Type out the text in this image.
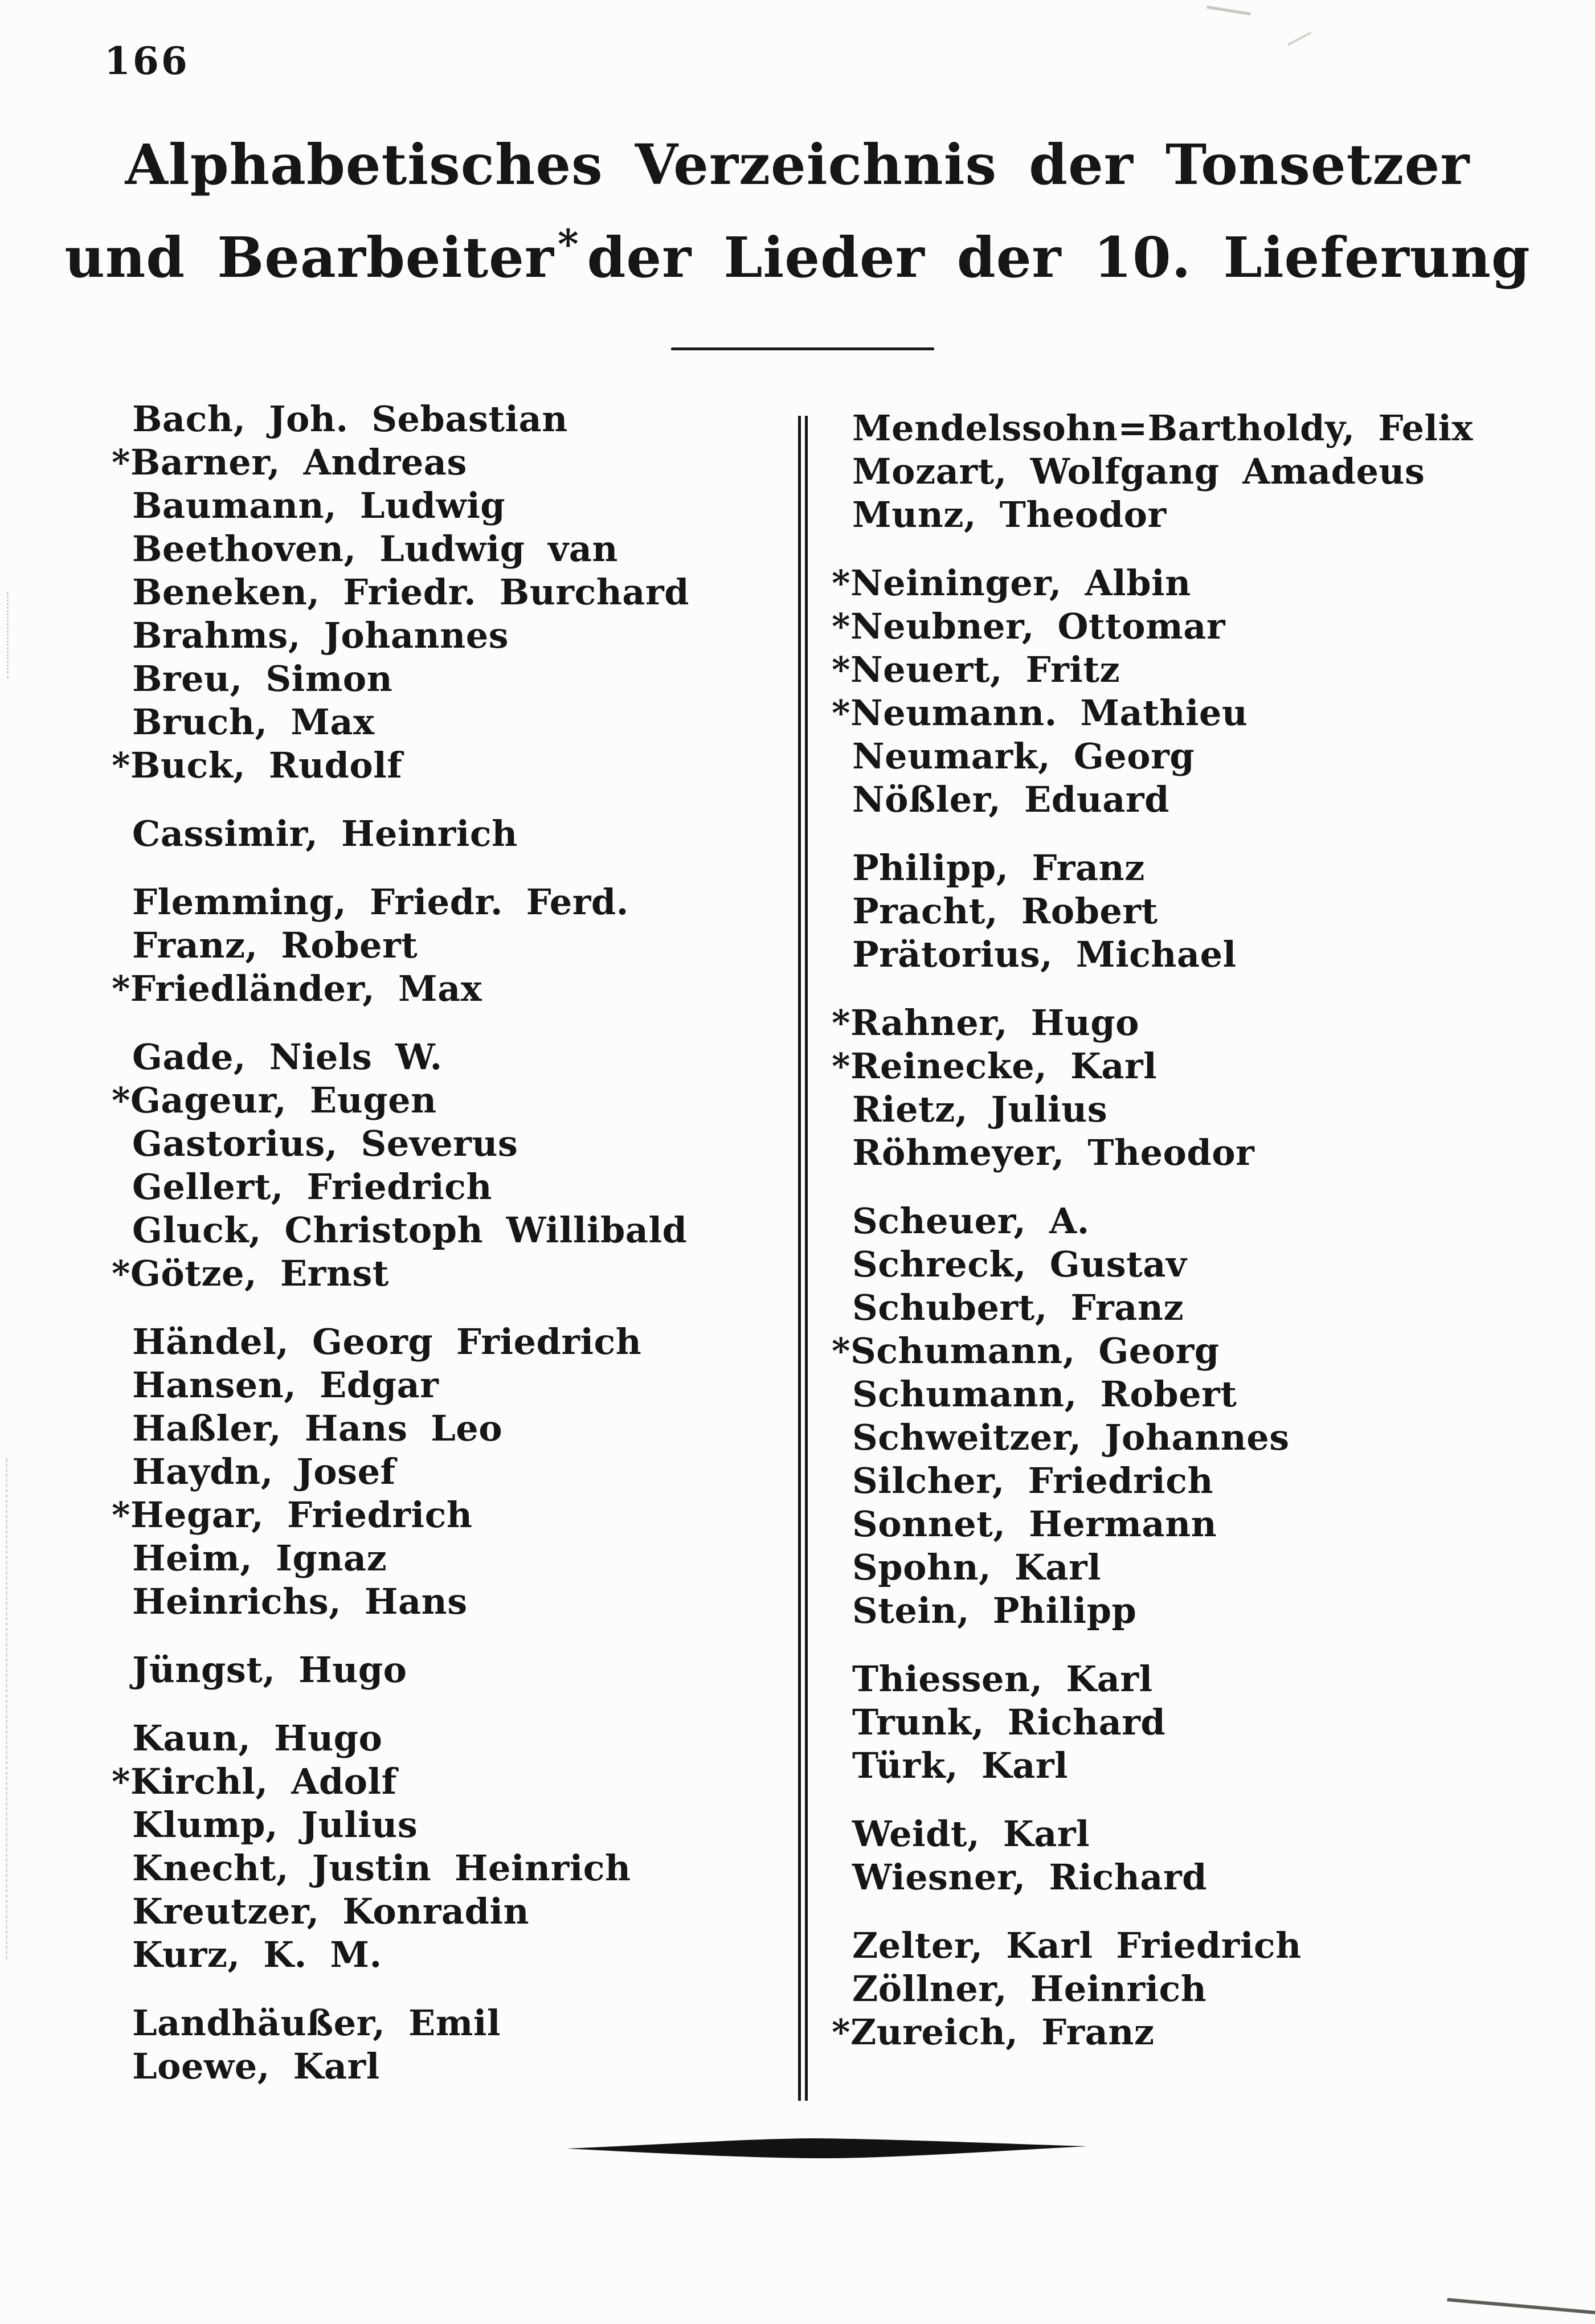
166
Alphabetisches Verzeichnis der Tonsetzer
und Bearbeiter* der Lieder der 10. Lieferung
Bach, Joh. Sebastian
*Barner, Andreas
Baumann, Ludwig
Beethoven, Ludwig van
Beneken, Friedr. Burchard
Brahms, Johannes
Breu, Simon
Bruch, Max
*Buck, Rudolf
Cassimir, Heinrich
Flemming, Friedr. Ferd.
Franz, Robert
*Friedländer, Max
Gade, Niels W.
*Gageur, Eugen
Gastorius, Severus
Gellert, Friedrich
Gluck, Christoph Willibald
*Götze, Ernst
Händel, Georg Friedrich
Hansen, Edgar
Haßler, Hans Leo
Haydn, Josef
*Hegar, Friedrich
Heim, Ignaz
Heinrichs, Hans
Jüngst, Hugo
Kaun, Hugo
*Kirchl, Adolf
Klump, Julius
Knecht, Justin Heinrich
Kreutzer, Konradin
Kurz, K. M.
Landhäußer, Emil
Loewe, Karl
Mendelssohn=Bartholdy, Felix
Mozart, Wolfgang Amadeus
Munz, Theodor
*Neininger, Albin
*Neubner, Ottomar
*Neuert, Fritz
*Neumann. Mathieu
Neumark, Georg
Nößler, Eduard
Philipp, Franz
Pracht, Robert
Prätorius, Michael
*Rahner, Hugo
*Reinecke, Karl
Rietz, Julius
Röhmeyer, Theodor
Scheuer, A.
Schreck, Gustav
Schubert, Franz
*Schumann, Georg
Schumann, Robert
Schweitzer, Johannes
Silcher, Friedrich
Sonnet, Hermann
Spohn, Karl
Stein, Philipp
Thiessen, Karl
Trunk, Richard
Türk, Karl
Weidt, Karl
Wiesner, Richard
Zelter, Karl Friedrich
Zöllner, Heinrich
*Zureich, Franz
